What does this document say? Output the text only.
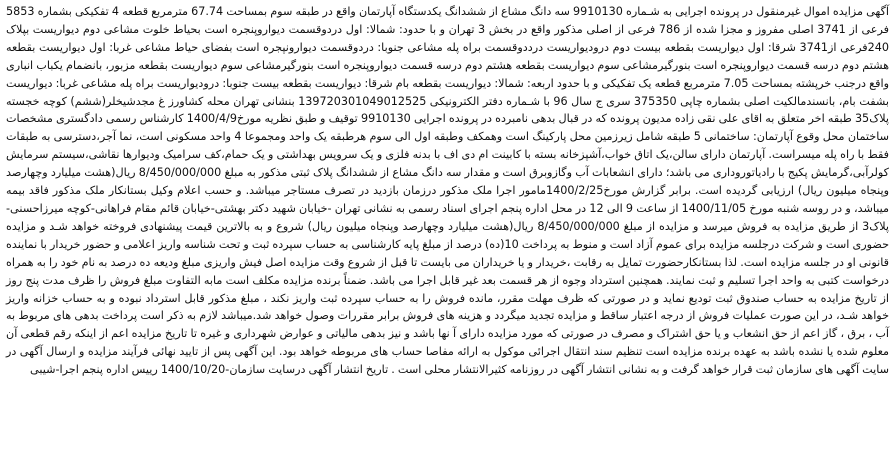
آگهی مزایده اموال غیرمنقول در پرونده اجرایی به شـماره 9910130 سه دانگ مشاع از ششدانگ یکدستگاه آپارتمان واقع در طبقه سوم بمساحت 67.74 مترمربع قطعه 4 تفکیکی بشماره 5853 فرعی از 3741 اصلی مفروز و مجزا شده از 786 فرعی از اصلی مذکور واقع در بخش 3 تهران و با حدود: شمالا: اول دردوقسمت دیواروپنجره است بحیاط خلوت مشاعی دوم دیواریست بپلاک 240فرعی از3741 شرقا: اول دیواریست بقطعه بیست دوم درودیواریست درددوقسمت براه پله مشاعی جنوبا: دردوقسمت دیوارونپجره است بفضای حیاط مشاعی غربا: اول دیواریست بقطعه هشتم دوم درسه قسمت دیواروپنجره است بنورگیرمشاعی سوم دیواریست بقطعه هشتم دوم درسه قسمت دیواروپنجره است بنورگیرمشاعی سوم دیواریست بقطعه مزبور، بانضمام یکباب انباری واقع درجنب خرپشته بمساحت 7.05 مترمربع قطعه یک تفکیکی و با حدود اربعه: شمالا: دیواریست بقطعه بام شرقا: دیواریست بقطعه بیست جنوبا: درودیواریست براه پله مشاعی غربا: دیواریست بشفت بام، بانسندمالکیت اصلی بشماره چاپی 375350 سری ج سال 96 با شـماره دفتر الکترونیکی 139720301049012525 بنشانی تهران محله کشاورز غ مجدشیخلر(ششم) کوچه خجسته پلاک35 طبقه اخر متعلق به اقای علی نقی زاده مدیون پرونده که در قبال بدهی نامبرده در پرونده اجرایی 9910130 توقیف و طبق نظریه مورخ1400/4/9 کارشناس رسمی دادگستری مشخصات ساختمان محل وقوع آپارتمان: ساختمانی 5 طبقه شامل زیرزمین محل پارکینگ است وهمکف وطبقه اول الی سوم هرطبقه یک واحد ومجموعا 4 واحد مسکونی است، نما آجر،دسترسی به طبقات فقط با راه پله میسراست. آپارتمان دارای سالن،یک اتاق خواب،آشپزخانه بسته با کابینت ام دی اف با بدنه فلزی و یک سرویس بهداشتی و یک حمام،کف سرامیک ودیوارها نقاشی،سیستم سرمایش کولرآبی،گرمایش پکیج با رادیاتوروداری می باشد؛ دارای انشعابات آب وگازوبرق است و مقدار سه دانگ مشاع از ششدانگ پلاک ثبتی مذکور به مبلغ 8/450/000/000 ریال(هشت میلیارد وچهارصد وپنجاه میلیون ریال) ارزیابی گردیده است. برابر گزارش مورخ1400/2/25مامور اجرا ملک مذکور درزمان بازدید در تصرف مستاجر میباشد. و حسب اعلام وکیل بستانکار ملک مذکور فاقد بیمه میباشد، و در روسه شنبه مورخ 1400/11/05 از ساعت 9 الی 12 در محل اداره پنجم اجرای اسناد رسمی به نشانی تهران -خیابان شهید دکتر بهشتی-خیابان قائم مقام فراهانی-کوچه میرزاحسنی-پلاک3 از طریق مزایده به فروش میرسد و مزایده از مبلغ 8/450/000/000 ریال(هشت میلیارد وچهارصد وپنجاه میلیون ریال) شروع و به بالاترین قیمت پیشنهادی فروخته خواهد شـد و مزایده حضوری است و شرکت درجلسه مزایده برای عموم آزاد است و منوط به پرداخت 10(ده) درصد از مبلغ پایه کارشناسی به حساب سپرده ثبت و تحت شناسه واریز اعلامی و حضور خریدار با نماینده قانونی او در جلسه مزایده است. لذا بستانکارحضورت تمایل به رقابت ،خریدار و یا خریداران می بایست تا قبل از شروع وقت مزایده اصل فیش واریزی مبلغ ودیعه ده درصد به نام خود را به همراه درخواست کتبی به واحد اجرا تسلیم و ثبت نمایند. همچنین استرداد وجوه از هر قسمت بعد غیر قابل اجرا می باشد. ضمناً برنده مزایده مکلف است مابه التفاوت مبلغ فروش را ظرف مدت پنج روز از تاریخ مزایده به حساب صندوق ثبت تودیع نماید و در صورتی که ظرف مهلت مقرر، مانده فروش را به حساب سپرده ثبت واریز نکند ، مبلغ مذکور قابل استرداد نبوده و به حساب خزانه واریز خواهد شـد، در این صورت عملیات فروش از درجه اعتبار ساقط و مزایده تجدید میگردد و هزینه های فروش برابر مقررات وصول خواهد شد.میباشد لازم به ذکر است پرداخت بدهی های مربوط به آب ، برق ، گاز اعم از حق انشعاب و یا حق اشتراک و مصرف در صورتی که مورد مزایده دارای آ نها باشد و نیز بدهی مالیاتی و عوارض شهرداری و غیره تا تاریخ مزایده اعم از اینکه رقم قطعی آن معلوم شده یا نشده باشد به عهده برنده مزایده است تنظیم سند انتقال اجرائی موکول به ارائه مفاصا حساب های مربوطه خواهد بود. این آگهی پس از تایید نهائی فرآیند مزایده و ارسال آگهی در سایت آگهی های سازمان ثبت قرار خواهد گرفت و به نشانی انتشار آگهی در روزنامه کثیرالانتشار محلی است . تاریخ انتشار آگهی درسایت سازمان-1400/10/20 رییس اداره پنجم اجرا-شیبی
